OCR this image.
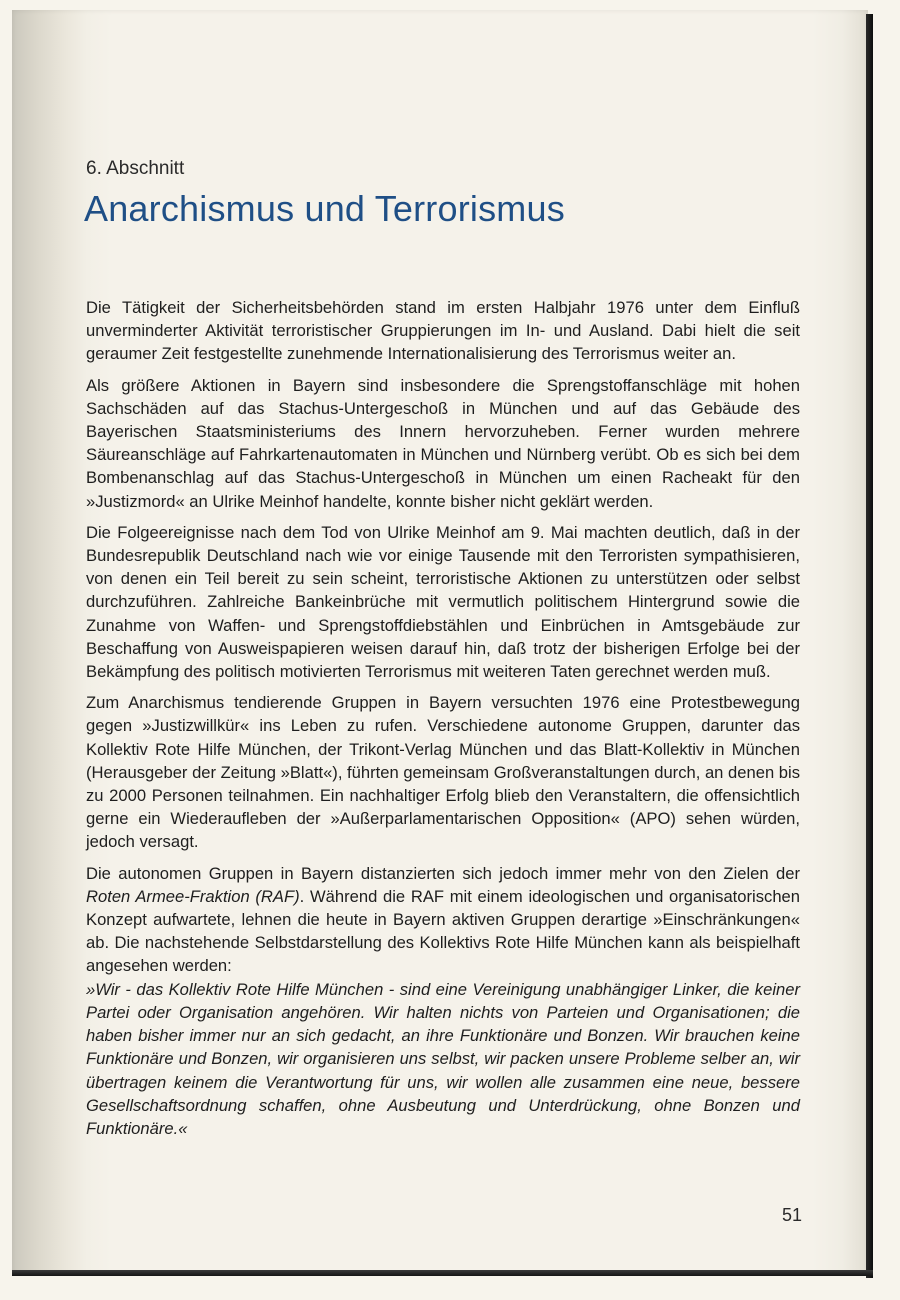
6. Abschnitt
Anarchismus und Terrorismus

Die Tätigkeit der Sicherheitsbehörden stand im ersten Halbjahr 1976 unter dem Einfluß unverminderter Aktivität terroristischer Gruppierungen im In- und Ausland. Dabi hielt die seit geraumer Zeit festgestellte zunehmende Internationalisierung des Terrorismus weiter an.

Als größere Aktionen in Bayern sind insbesondere die Sprengstoffanschläge mit hohen Sachschäden auf das Stachus-Untergeschoß in München und auf das Gebäude des Bayerischen Staatsministeriums des Innern hervorzuheben. Ferner wurden mehrere Säureanschläge auf Fahrkartenautomaten in München und Nürnberg verübt. Ob es sich bei dem Bombenanschlag auf das Stachus-Untergeschoß in München um einen Racheakt für den »Justizmord« an Ulrike Meinhof handelte, konnte bisher nicht geklärt werden.

Die Folgeereignisse nach dem Tod von Ulrike Meinhof am 9. Mai machten deutlich, daß in der Bundesrepublik Deutschland nach wie vor einige Tausende mit den Terroristen sympathisieren, von denen ein Teil bereit zu sein scheint, terroristische Aktionen zu unterstützen oder selbst durchzuführen. Zahlreiche Bankeinbrüche mit vermutlich politischem Hintergrund sowie die Zunahme von Waffen- und Sprengstoffdiebstählen und Einbrüchen in Amtsgebäude zur Beschaffung von Ausweispapieren weisen darauf hin, daß trotz der bisherigen Erfolge bei der Bekämpfung des politisch motivierten Terrorismus mit weiteren Taten gerechnet werden muß.

Zum Anarchismus tendierende Gruppen in Bayern versuchten 1976 eine Protestbewegung gegen »Justizwillkür« ins Leben zu rufen. Verschiedene autonome Gruppen, darunter das Kollektiv Rote Hilfe München, der Trikont-Verlag München und das Blatt-Kollektiv in München (Herausgeber der Zeitung »Blatt«), führten gemeinsam Großveranstaltungen durch, an denen bis zu 2000 Personen teilnahmen. Ein nachhaltiger Erfolg blieb den Veranstaltern, die offensichtlich gerne ein Wiederaufleben der »Außerparlamentarischen Opposition« (APO) sehen würden, jedoch versagt.

Die autonomen Gruppen in Bayern distanzierten sich jedoch immer mehr von den Zielen der Roten Armee-Fraktion (RAF). Während die RAF mit einem ideologischen und organisatorischen Konzept aufwartete, lehnen die heute in Bayern aktiven Gruppen derartige »Einschränkungen« ab. Die nachstehende Selbstdarstellung des Kollektivs Rote Hilfe München kann als beispielhaft angesehen werden:

»Wir - das Kollektiv Rote Hilfe München - sind eine Vereinigung unabhängiger Linker, die keiner Partei oder Organisation angehören. Wir halten nichts von Parteien und Organisationen; die haben bisher immer nur an sich gedacht, an ihre Funktionäre und Bonzen. Wir brauchen keine Funktionäre und Bonzen, wir organisieren uns selbst, wir packen unsere Probleme selber an, wir übertragen keinem die Verantwortung für uns, wir wollen alle zusammen eine neue, bessere Gesellschaftsordnung schaffen, ohne Ausbeutung und Unterdrückung, ohne Bonzen und Funktionäre.«

51
